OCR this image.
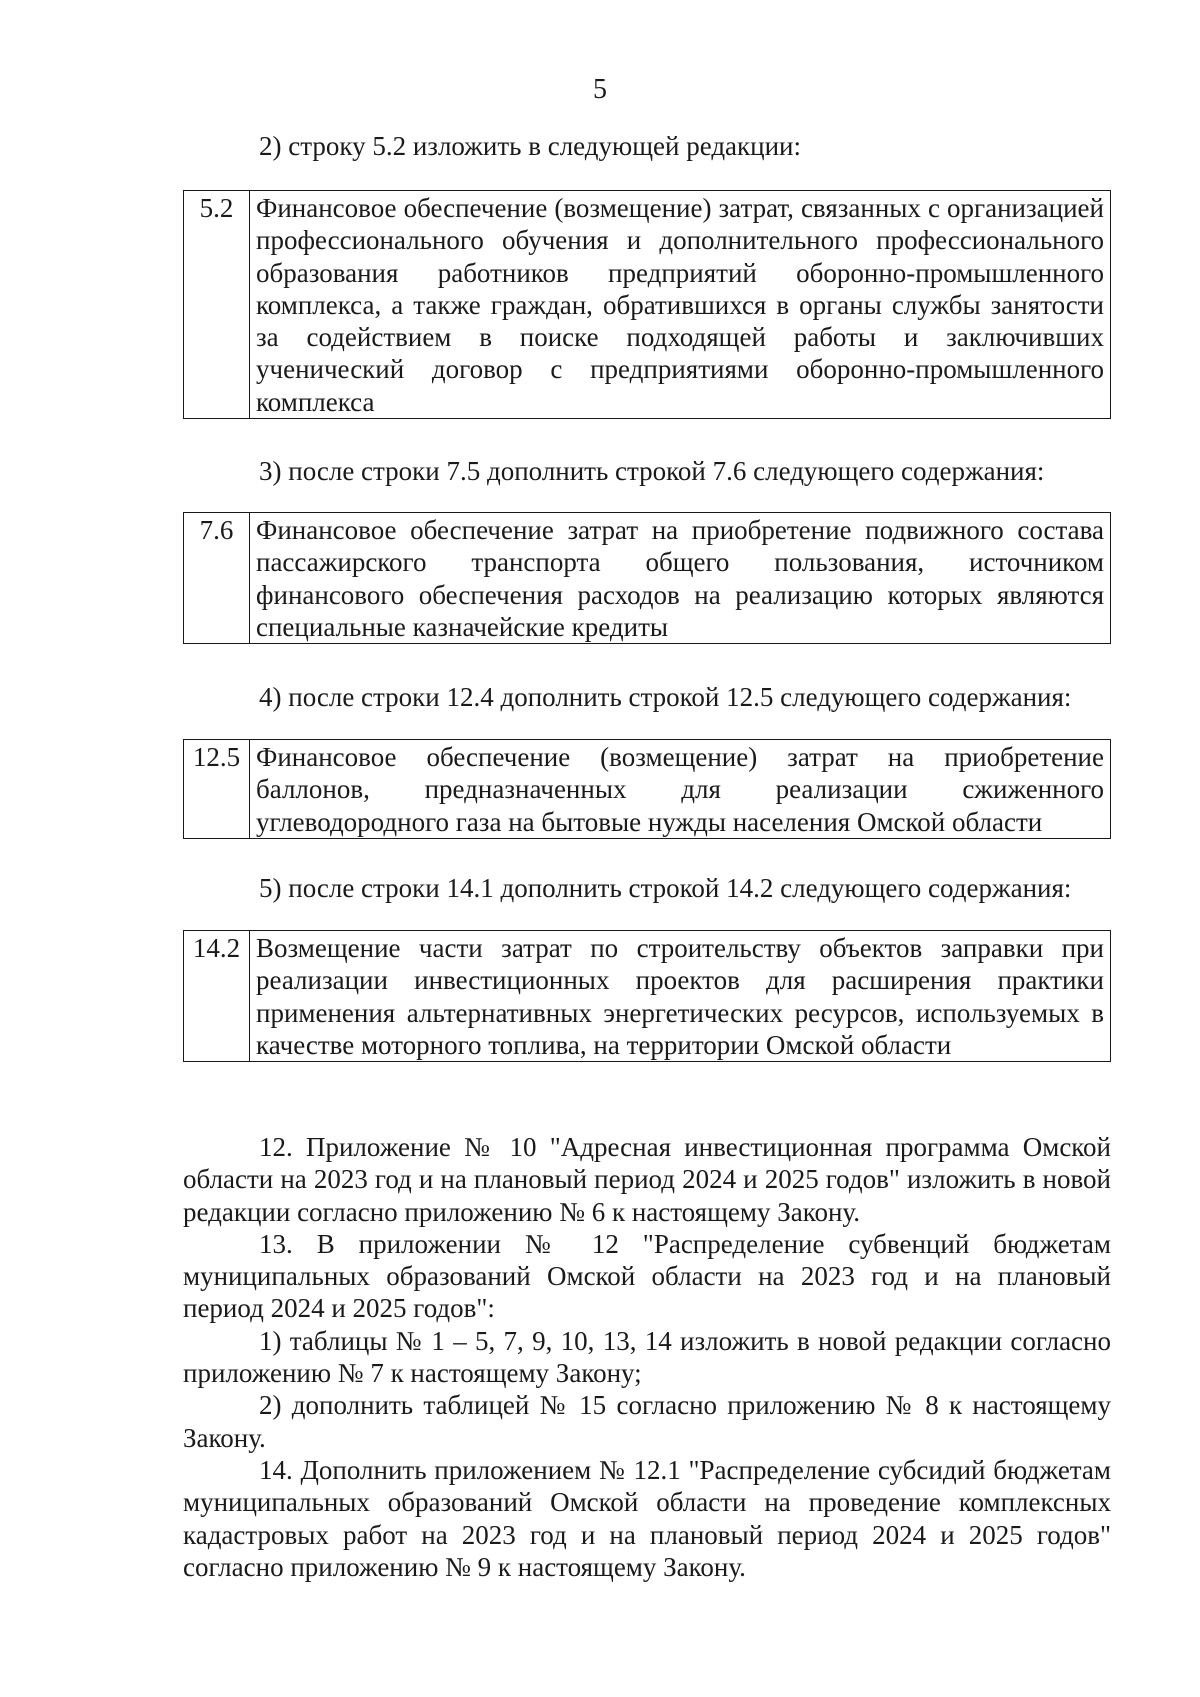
5
2) строку 5.2 изложить в следующей редакции:
5.2	Финансовое обеспечение (возмещение) затрат, связанных с организацией профессионального обучения и дополнительного профессионального образования работников предприятий оборонно-промышленного комплекса, а также граждан, обратившихся в органы службы занятости за содействием в поиске подходящей работы и заключивших ученический договор с предприятиями оборонно-промышленного комплекса
3) после строки 7.5 дополнить строкой 7.6 следующего содержания:
7.6	Финансовое обеспечение затрат на приобретение подвижного состава пассажирского транспорта общего пользования, источником финансового обеспечения расходов на реализацию которых являются специальные казначейские кредиты
4) после строки 12.4 дополнить строкой 12.5 следующего содержания:
12.5	Финансовое обеспечение (возмещение) затрат на приобретение баллонов, предназначенных для реализации сжиженного углеводородного газа на бытовые нужды населения Омской области
5) после строки 14.1 дополнить строкой 14.2 следующего содержания:
14.2	Возмещение части затрат по строительству объектов заправки при реализации инвестиционных проектов для расширения практики применения альтернативных энергетических ресурсов, используемых в качестве моторного топлива, на территории Омской области

12. Приложение № 10 "Адресная инвестиционная программа Омской области на 2023 год и на плановый период 2024 и 2025 годов" изложить в новой редакции согласно приложению № 6 к настоящему Закону.

13. В приложении № 12 "Распределение субвенций бюджетам муниципальных образований Омской области на 2023 год и на плановый период 2024 и 2025 годов":

1) таблицы № 1 – 5, 7, 9, 10, 13, 14 изложить в новой редакции согласно приложению № 7 к настоящему Закону;

2) дополнить таблицей № 15 согласно приложению № 8 к настоящему Закону.

14. Дополнить приложением № 12.1 "Распределение субсидий бюджетам муниципальных образований Омской области на проведение комплексных кадастровых работ на 2023 год и на плановый период 2024 и 2025 годов" согласно приложению № 9 к настоящему Закону.
